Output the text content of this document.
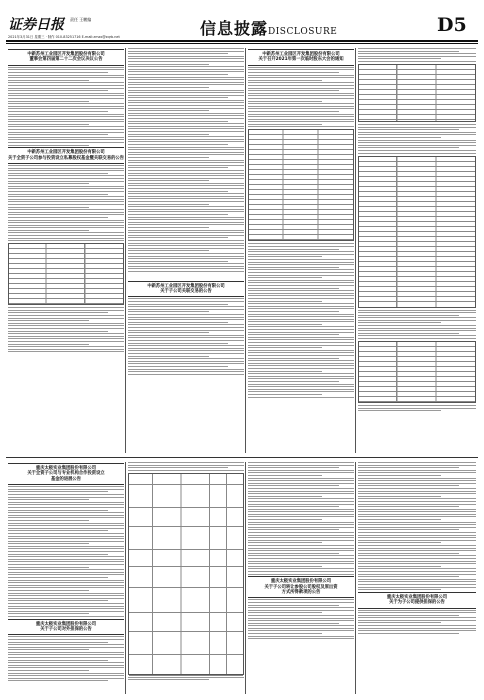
证券日报 责任 王鹏编
2021年3月31日 星期三 · 制作 010-83251716 E-mail:zmzx@zqrb.net	信息披露DISCLOSURE	D5
中新苏州工业园区开发集团股份有限公司
董事会第四届第二十二次会议决议公告
中新苏州工业园区开发集团股份有限公司
关于全资子公司参与投资设立私募股权基金暨关联交易的公告
中新苏州工业园区开发集团股份有限公司
关于子公司关联交易的公告
中新苏州工业园区开发集团股份有限公司
关于召开2021年第一次临时股东大会的通知
重庆太极实业集团股份有限公司
关于全资子公司与专业机构合作投资设立
基金的进展公告
重庆太极实业集团股份有限公司
关于子公司对外担保的公告
重庆太极实业集团股份有限公司
关于子公司转让参股公司股权及原出资
方式所得款项的公告
重庆太极实业集团股份有限公司
关于为子公司提供担保的公告
